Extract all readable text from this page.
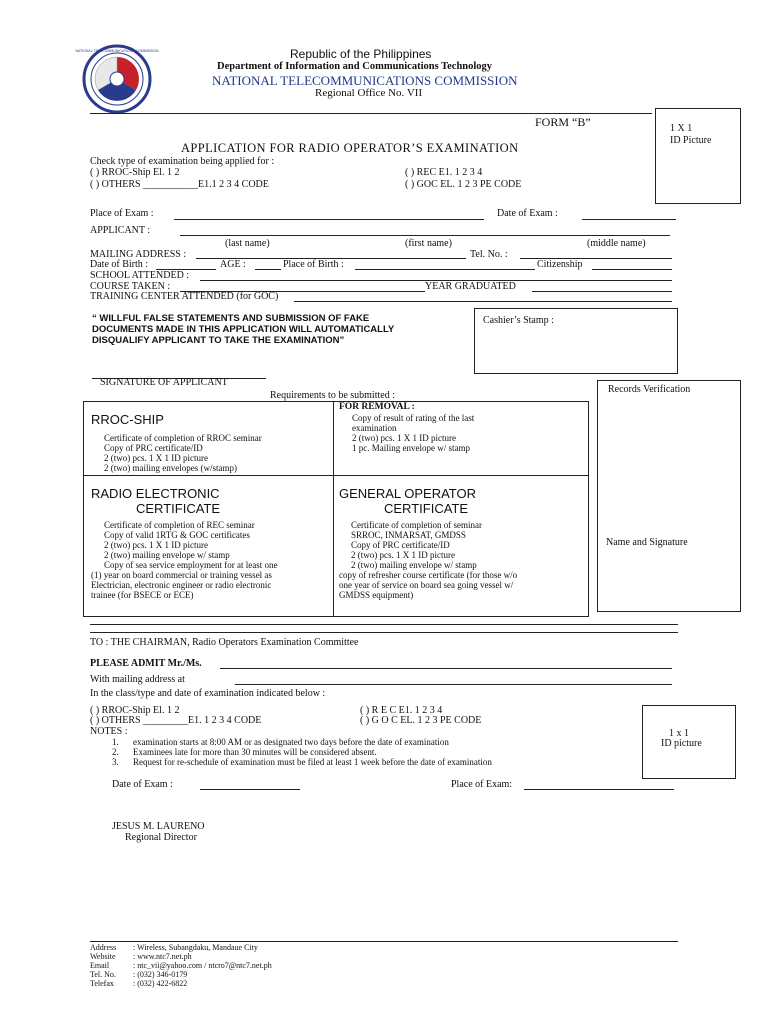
NATIONAL TELECOMMUNICATIONS COMMISSION	Republic of the Philippines
Department of Information and Communications Technology
NATIONAL TELECOMMUNICATIONS COMMISSION
Regional Office No. VII
FORM “B”	1 X 1
ID Picture
APPLICATION FOR RADIO OPERATOR’S EXAMINATION
Check type of examination being applied for :
( ) RROC-Ship El. 1 2
( ) OTHERS ___________E1.1 2 3 4 CODE
( ) REC E1. 1 2 3 4
( ) GOC EL. 1 2 3 PE CODE
Place of Exam :	Date of Exam :
APPLICANT :
(last name)	(first name)	(middle name)
MAILING ADDRESS :	Tel. No. :
Date of Birth :	AGE :	Place of Birth :	Citizenship
SCHOOL ATTENDED :
COURSE TAKEN :	YEAR GRADUATED
TRAINING CENTER ATTENDED (for GOC)
“ WILLFUL FALSE STATEMENTS AND SUBMISSION OF FAKE
DOCUMENTS MADE IN THIS APPLICATION WILL AUTOMATICALLY
DISQUALIFY APPLICANT TO TAKE THE EXAMINATION”
Cashier’s Stamp :
SIGNATURE OF APPLICANT
Requirements to be submitted :
Records Verification
Name and Signature
RROC-SHIP
Certificate of completion of RROC seminar
Copy of PRC certificate/ID
2 (two) pcs. 1 X 1 ID picture
2 (two) mailing envelopes (w/stamp)
FOR REMOVAL :
Copy of result of rating of the last
examination
2 (two) pcs. 1 X 1 ID picture
1 pc. Mailing envelope w/ stamp
RADIO ELECTRONIC
CERTIFICATE
Certificate of completion of REC seminar
Copy of valid 1RTG & GOC certificates
2 (two) pcs. 1 X 1 ID picture
2 (two) mailing envelope w/ stamp
Copy of sea service employment for at least one
(1) year on board commercial or training vessel as
Electrician, electronic engineer or radio electronic
trainee (for BSECE or ECE)
GENERAL OPERATOR
CERTIFICATE
Certificate of completion of seminar
SRROC, INMARSAT, GMDSS
Copy of PRC certificate/ID
2 (two) pcs. 1 X 1 ID picture
2 (two) mailing envelope w/ stamp
copy of refresher course certificate (for those w/o
one year of service on board sea going vessel w/
GMDSS equipment)
TO : THE CHAIRMAN, Radio Operators Examination Committee
PLEASE ADMIT Mr./Ms.
With mailing address at
In the class/type and date of examination indicated below :
( ) RROC-Ship El. 1 2
( ) OTHERS _________E1. 1 2 3 4 CODE
( ) R E C E1. 1 2 3 4
( ) G O C EL. 1 2 3 PE CODE
NOTES :
1. examination starts at 8:00 AM or as designated two days before the date of examination
2. Examinees late for more than 30 minutes will be considered absent.
3. Request for re-schedule of examination must be filed at least 1 week before the date of examination
1 x 1
ID picture
Date of Exam :	Place of Exam:
JESUS M. LAURENO
Regional Director
Address : Wireless, Subangdaku, Mandaue City
Website : www.ntc7.net.ph
Email	: ntc_vii@yahoo.com / ntcro7@ntc7.net.ph
Tel. No. : (032) 346-0179
Telefax : (032) 422-6822
